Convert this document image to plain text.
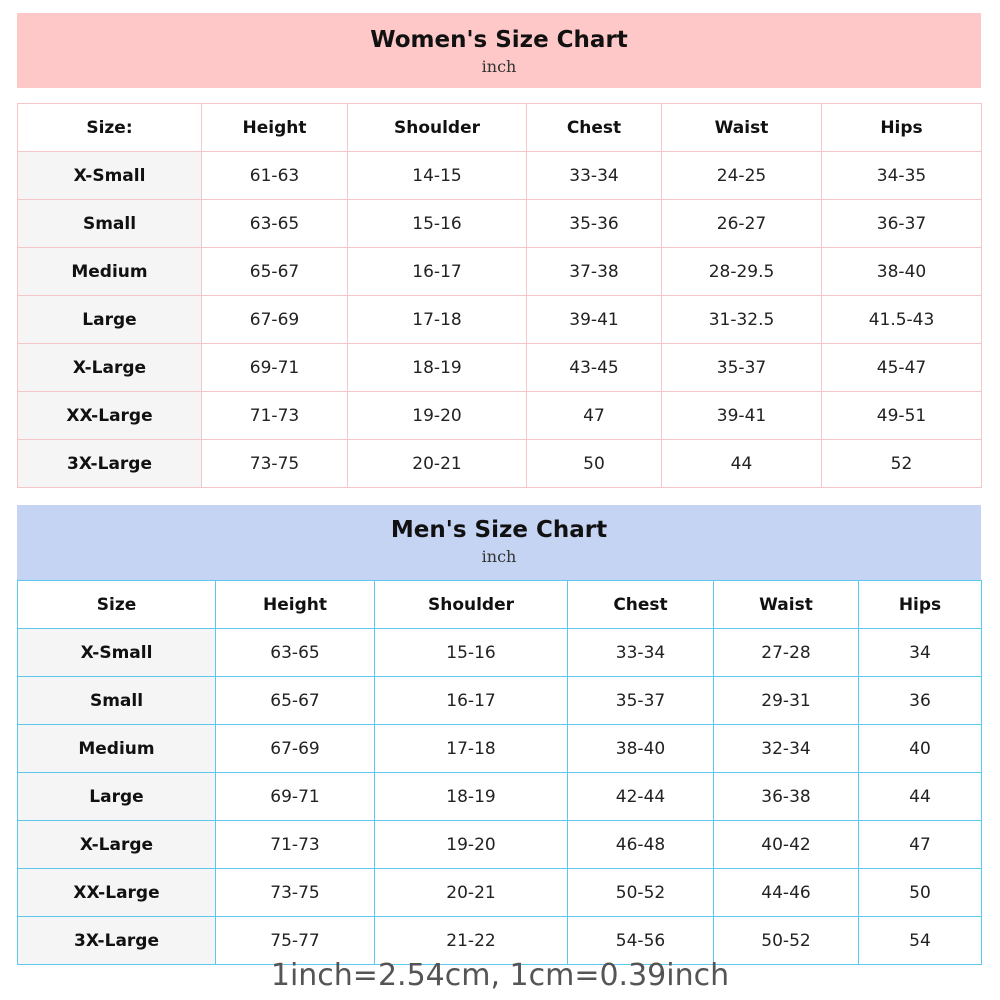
Women's Size Chart
inch
Size:	Height	Shoulder	Chest	Waist	Hips
X-Small	61-63	14-15	33-34	24-25	34-35
Small	63-65	15-16	35-36	26-27	36-37
Medium	65-67	16-17	37-38	28-29.5	38-40
Large	67-69	17-18	39-41	31-32.5	41.5-43
X-Large	69-71	18-19	43-45	35-37	45-47
XX-Large	71-73	19-20	47	39-41	49-51
3X-Large	73-75	20-21	50	44	52
Men's Size Chart
inch
Size	Height	Shoulder	Chest	Waist	Hips
X-Small	63-65	15-16	33-34	27-28	34
Small	65-67	16-17	35-37	29-31	36
Medium	67-69	17-18	38-40	32-34	40
Large	69-71	18-19	42-44	36-38	44
X-Large	71-73	19-20	46-48	40-42	47
XX-Large	73-75	20-21	50-52	44-46	50
3X-Large	75-77	21-22	54-56	50-52	54
1inch=2.54cm, 1cm=0.39inch
